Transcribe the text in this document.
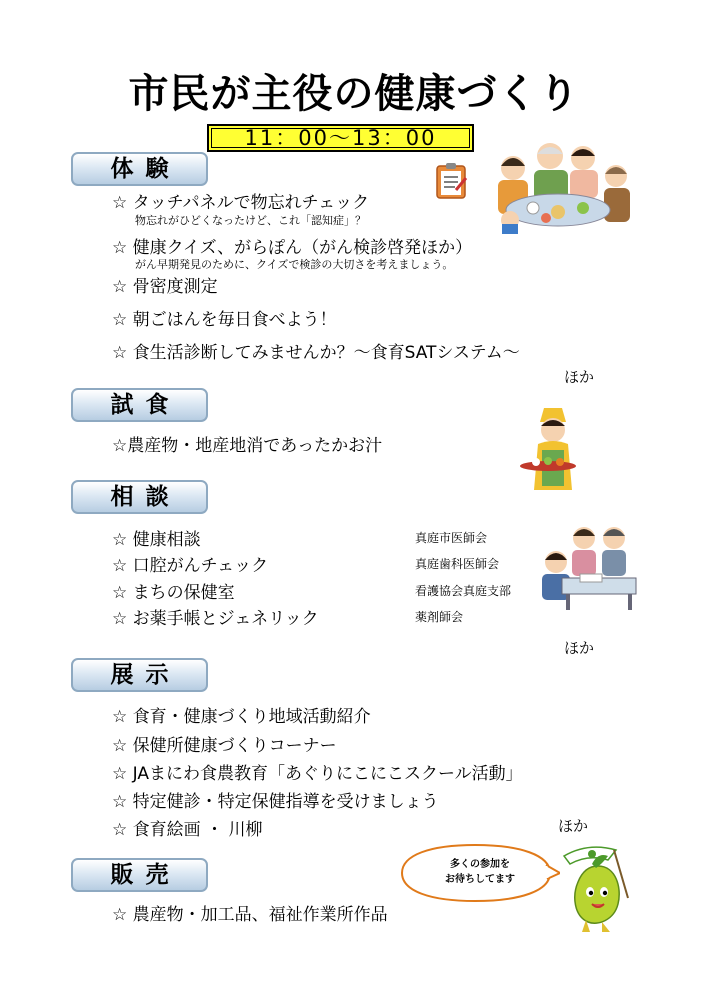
市民が主役の健康づくり
11：00～13：00
体験
☆ タッチパネルで物忘れチェック
物忘れがひどくなったけど、これ「認知症」？
☆ 健康クイズ、がらぽん（がん検診啓発ほか）
がん早期発見のために、クイズで検診の大切さを考えましょう。
☆ 骨密度測定
☆ 朝ごはんを毎日食べよう！
☆ 食生活診断してみませんか？～食育SATシステム～
ほか
試食
☆農産物・地産地消であったかお汁
相談
☆ 健康相談
☆ 口腔がんチェック
☆ まちの保健室
☆ お薬手帳とジェネリック
真庭市医師会
真庭歯科医師会
看護協会真庭支部
薬剤師会
ほか
展示
☆ 食育・健康づくり地域活動紹介
☆ 保健所健康づくりコーナー
☆ JAまにわ食農教育「あぐりにこにこスクール活動」
☆ 特定健診・特定保健指導を受けましょう
☆ 食育絵画 ・ 川柳	ほか
販売
☆ 農産物・加工品、福祉作業所作品
多くの参加を
お待ちしてます
